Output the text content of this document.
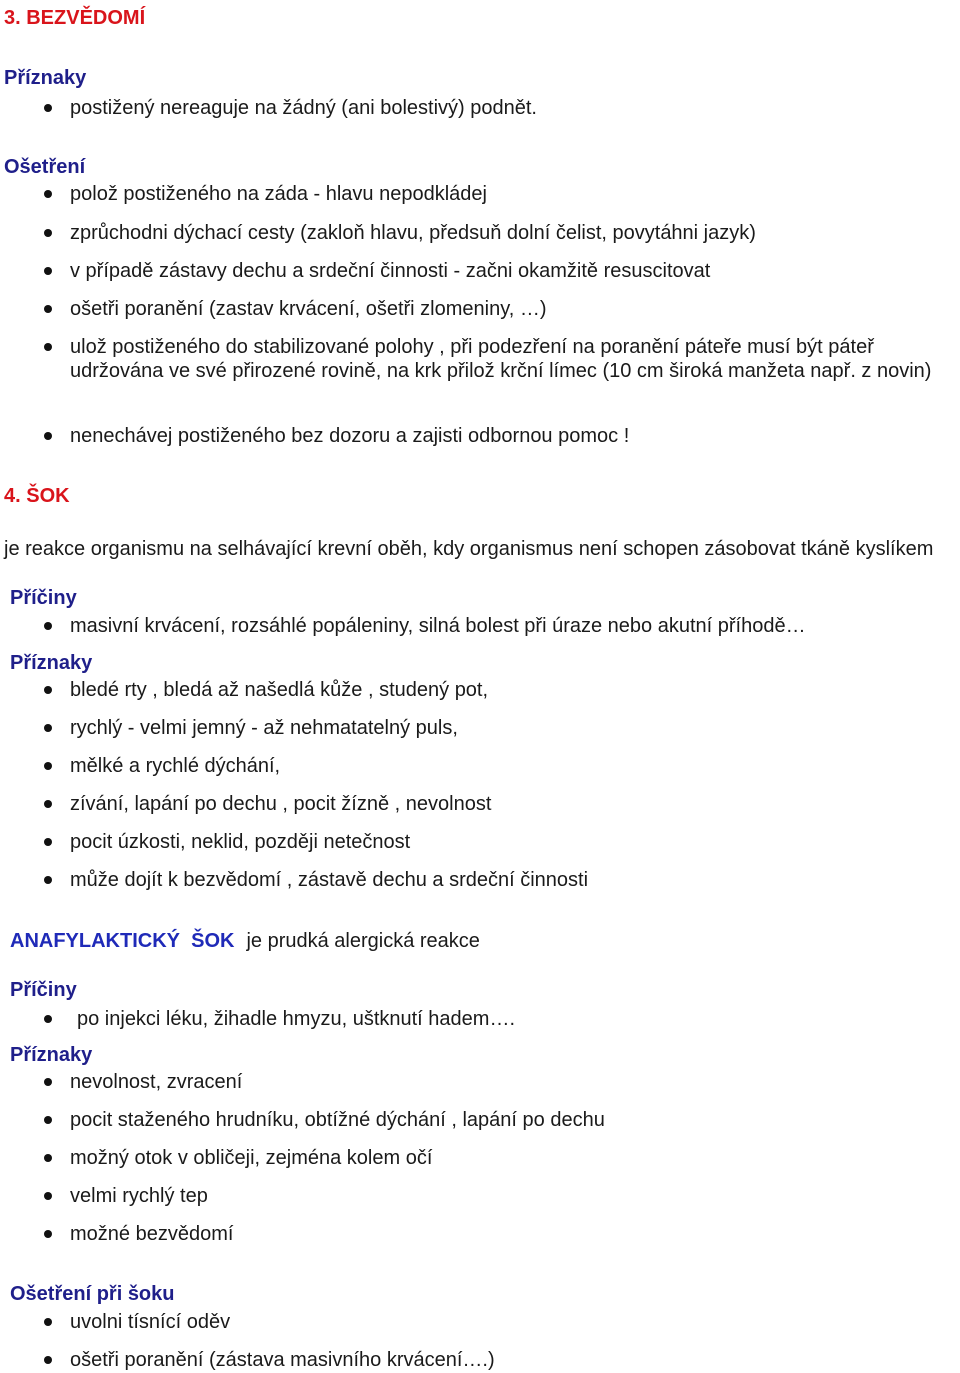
3. BEZVĚDOMÍ
Příznaky
postižený nereaguje na žádný (ani bolestivý) podnět.
Ošetření
polož postiženého na záda - hlavu nepodkládej
zprůchodni dýchací cesty (zakloň hlavu, předsuň dolní čelist, povytáhni jazyk)
v případě zástavy dechu a srdeční činnosti - začni okamžitě resuscitovat
ošetři poranění (zastav krvácení, ošetři zlomeniny, …)
ulož postiženého do stabilizované polohy , při podezření na poranění páteře musí být páteř udržována ve své přirozené rovině, na krk přilož krční límec (10 cm široká manžeta např. z novin)
nenechávej postiženého bez dozoru a zajisti odbornou pomoc !
4. ŠOK
je reakce organismu na selhávající krevní oběh, kdy organismus není schopen zásobovat tkáně kyslíkem
Příčiny
masivní krvácení, rozsáhlé popáleniny, silná bolest při úraze nebo akutní příhodě…
Příznaky
bledé rty , bledá až našedlá kůže , studený pot,
rychlý - velmi jemný - až nehmatatelný puls,
mělké a rychlé dýchání,
zívání, lapání po dechu , pocit žízně , nevolnost
pocit úzkosti, neklid, později netečnost
může dojít k bezvědomí , zástavě dechu a srdeční činnosti
ANAFYLAKTICKÝ  ŠOK je prudká alergická reakce
Příčiny
po injekci léku, žihadle hmyzu, uštknutí hadem….
Příznaky
nevolnost, zvracení
pocit staženého hrudníku, obtížné dýchání , lapání po dechu
možný otok v obličeji, zejména kolem očí
velmi rychlý tep
možné bezvědomí
Ošetření při šoku
uvolni tísnící oděv
ošetři poranění (zástava masivního krvácení….)
